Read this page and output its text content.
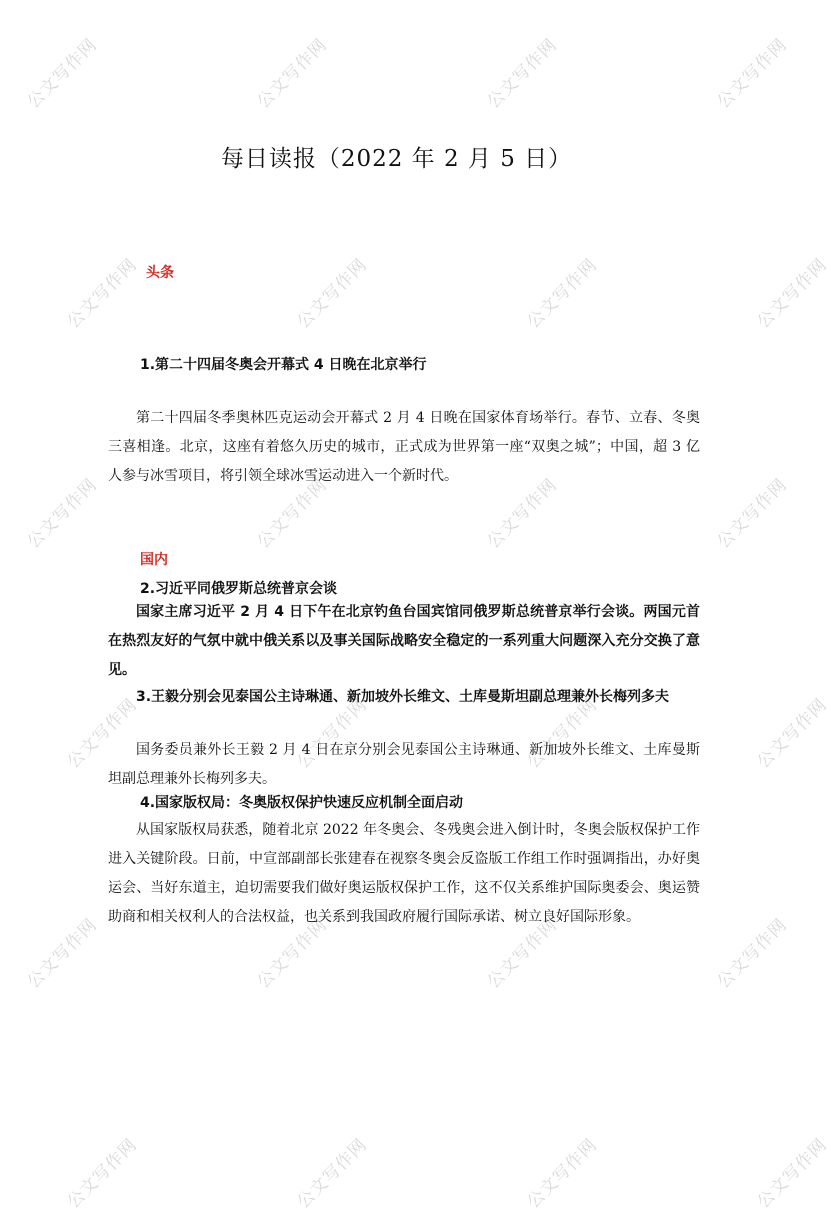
公文写作网	公文写作网	公文写作网	公文写作网
公文写作网	公文写作网	公文写作网	公文写作网
公文写作网	公文写作网	公文写作网	公文写作网
公文写作网	公文写作网	公文写作网	公文写作网
公文写作网	公文写作网	公文写作网	公文写作网
公文写作网	公文写作网	公文写作网	公文写作网
每日读报（2022 年 2 月 5 日）
头条
1.第二十四届冬奥会开幕式 4 日晚在北京举行
第二十四届冬季奥林匹克运动会开幕式 2 月 4 日晚在国家体育场举行。春节、立春、冬奥三喜相逢。北京，这座有着悠久历史的城市，正式成为世界第一座“双奥之城”；中国，超 3 亿人参与冰雪项目，将引领全球冰雪运动进入一个新时代。
国内
2.习近平同俄罗斯总统普京会谈
国家主席习近平 2 月 4 日下午在北京钓鱼台国宾馆同俄罗斯总统普京举行会谈。两国元首在热烈友好的气氛中就中俄关系以及事关国际战略安全稳定的一系列重大问题深入充分交换了意见。
3.王毅分别会见泰国公主诗琳通、新加坡外长维文、土库曼斯坦副总理兼外长梅列多夫
国务委员兼外长王毅 2 月 4 日在京分别会见泰国公主诗琳通、新加坡外长维文、土库曼斯坦副总理兼外长梅列多夫。
4.国家版权局：冬奥版权保护快速反应机制全面启动
从国家版权局获悉，随着北京 2022 年冬奥会、冬残奥会进入倒计时，冬奥会版权保护工作进入关键阶段。日前，中宣部副部长张建春在视察冬奥会反盗版工作组工作时强调指出，办好奥运会、当好东道主，迫切需要我们做好奥运版权保护工作，这不仅关系维护国际奥委会、奥运赞助商和相关权利人的合法权益，也关系到我国政府履行国际承诺、树立良好国际形象。
